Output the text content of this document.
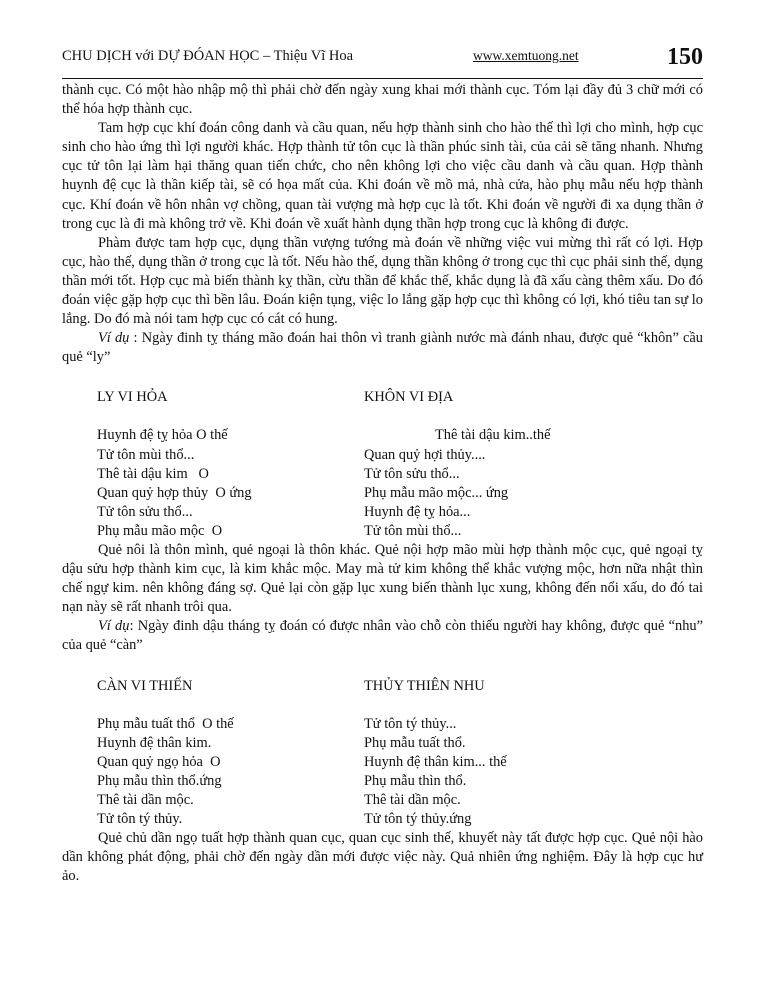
CHU DỊCH với DỰ ĐÓAN HỌC – Thiệu Vĩ Hoa	www.xemtuong.net	150

thành cục. Có một hào nhập mộ thì phải chờ đến ngày xung khai mới thành cục. Tóm lại đầy đủ 3 chữ mới có thể hóa hợp thành cục.

Tam hợp cục khí đoán công danh và cầu quan, nếu hợp thành sinh cho hào thế thì lợi cho mình, hợp cục sinh cho hào ứng thì lợi người khác. Hợp thành tử tôn cục là thần phúc sinh tài, của cải sẽ tăng nhanh. Nhưng cục tử tôn lại làm hại thăng quan tiến chức, cho nên không lợi cho việc cầu danh và cầu quan. Hợp thành huynh đệ cục là thần kiếp tài, sẽ có họa mất của. Khi đoán về mồ mả, nhà cửa, hào phụ mẫu nếu hợp thành cục. Khí đoán về hôn nhân vợ chồng, quan tài vượng mà hợp cục là tốt. Khi đoán về người đi xa dụng thần ở trong cục là đi mà không trở về. Khi đoán về xuất hành dụng thần hợp trong cục là không đi được.

Phàm được tam hợp cục, dụng thần vượng tướng mà đoán về những việc vui mừng thì rất có lợi. Hợp cục, hào thế, dụng thần ở trong cục là tốt. Nếu hào thế, dụng thần không ở trong cục thì cục phải sinh thế, dụng thần mới tốt. Hợp cục mà biến thành kỵ thần, cừu thần để khắc thế, khắc dụng là đã xấu càng thêm xấu. Do đó đoán việc gặp hợp cục thì bền lâu. Đoán kiện tụng, việc lo lắng gặp hợp cục thì không có lợi, khó tiêu tan sự lo lắng. Do đó mà nói tam hợp cục có cát có hung.

Ví dụ : Ngày đinh tỵ tháng mão đoán hai thôn vì tranh giành nước mà đánh nhau, được quẻ “khôn” cầu quẻ “ly”

LY VI HỎA	KHÔN VI ĐỊA
Huynh đệ tỵ hỏa O thế	Thê tài dậu kim..thế
Tử tôn mùi thổ...	Quan quỷ hợi thủy....
Thê tài dậu kim   O	Tử tôn sửu thổ...
Quan quỷ hợp thủy  O ứng	Phụ mẫu mão mộc... ứng
Tử tôn sửu thổ...	Huynh đệ tỵ hỏa...
Phụ mẫu mão mộc  O	Tử tôn mùi thổ...

Quẻ nôi là thôn mình, quẻ ngoại là thôn khác. Quẻ nội hợp mão mùi hợp thành mộc cục, quẻ ngoại tỵ dậu sửu hợp thành kim cục, là kim khắc mộc. May mà tử kim không thể khắc vượng mộc, hơn nữa nhật thìn chế ngự kim. nên không đáng sợ. Quẻ lại còn gặp lục xung biến thành lục xung, không đến nổi xấu, do đó tai nạn này sẽ rất nhanh trôi qua.

Ví dụ: Ngày đinh dậu tháng tỵ đoán có được nhân vào chỗ còn thiếu người hay không, được quẻ “nhu” của quẻ “càn”

CÀN VI THIẾN	THỦY THIÊN NHU
Phụ mẫu tuất thổ  O thế	Tử tôn tý thủy...
Huynh đệ thân kim.	Phụ mẫu tuất thổ.
Quan quỷ ngọ hỏa  O	Huynh đệ thân kim... thế
Phụ mẫu thìn thổ.ứng	Phụ mẫu thìn thổ.
Thê tài dần mộc.	Thê tài dần mộc.
Tử tôn tý thủy.	Tử tôn tý thủy.ứng

Quẻ chủ dần ngọ tuất hợp thành quan cục, quan cục sinh thế, khuyết này tất được hợp cục. Quẻ nội hào dần không phát động, phải chờ đến ngày dần mới được việc này. Quả nhiên ứng nghiệm. Đây là hợp cục hư ảo.
